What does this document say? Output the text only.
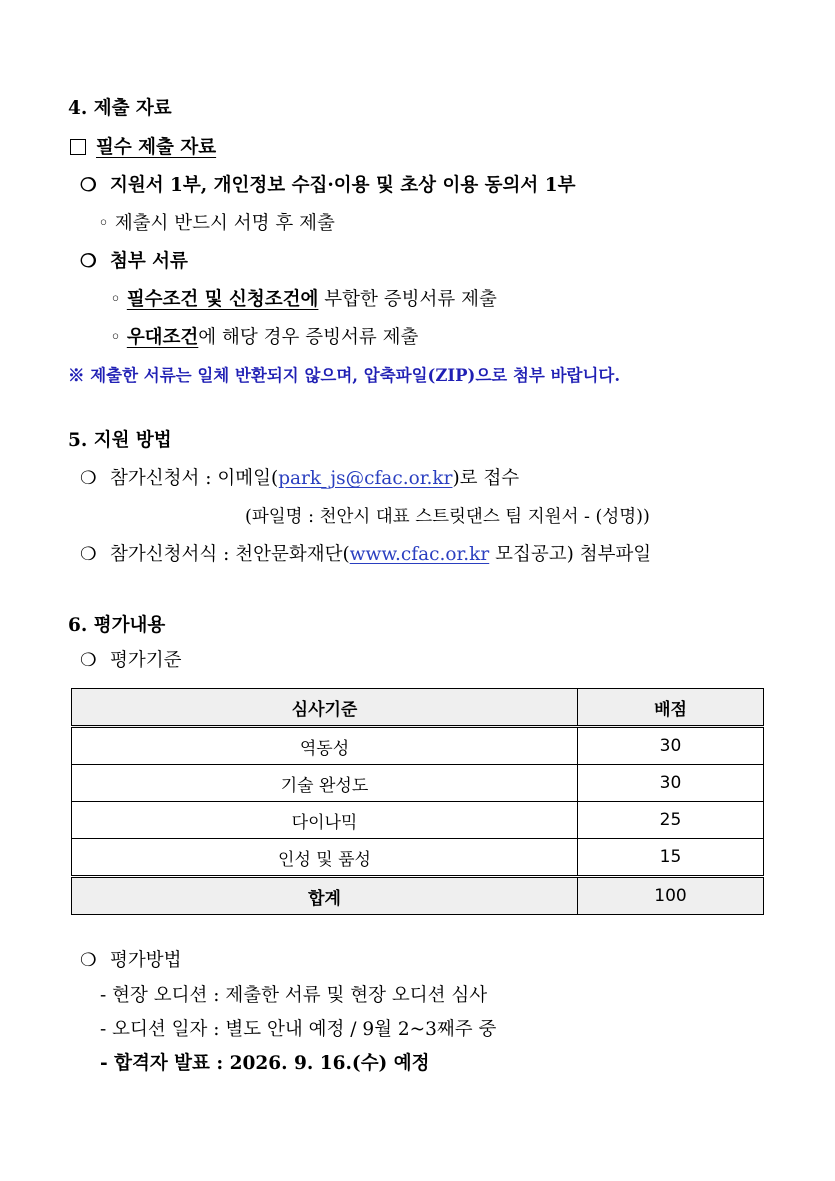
4. 제출 자료
필수 제출 자료
❍ 지원서 1부, 개인정보 수집·이용 및 초상 이용 동의서 1부
◦ 제출시 반드시 서명 후 제출
❍ 첨부 서류
◦ 필수조건 및 신청조건에 부합한 증빙서류 제출
◦ 우대조건에 해당 경우 증빙서류 제출
※ 제출한 서류는 일체 반환되지 않으며, 압축파일(ZIP)으로 첨부 바랍니다.
5. 지원 방법
❍ 참가신청서 : 이메일(park_js@cfac.or.kr)로 접수
(파일명 : 천안시 대표 스트릿댄스 팀 지원서 - (성명))
❍ 참가신청서식 : 천안문화재단(www.cfac.or.kr 모집공고) 첨부파일
6. 평가내용
❍ 평가기준
심사기준	배점
역동성	30
기술 완성도	30
다이나믹	25
인성 및 품성	15
합계	100
❍ 평가방법
- 현장 오디션 : 제출한 서류 및 현장 오디션 심사
- 오디션 일자 : 별도 안내 예정 / 9월 2~3째주 중
- 합격자 발표 : 2026. 9. 16.(수) 예정
